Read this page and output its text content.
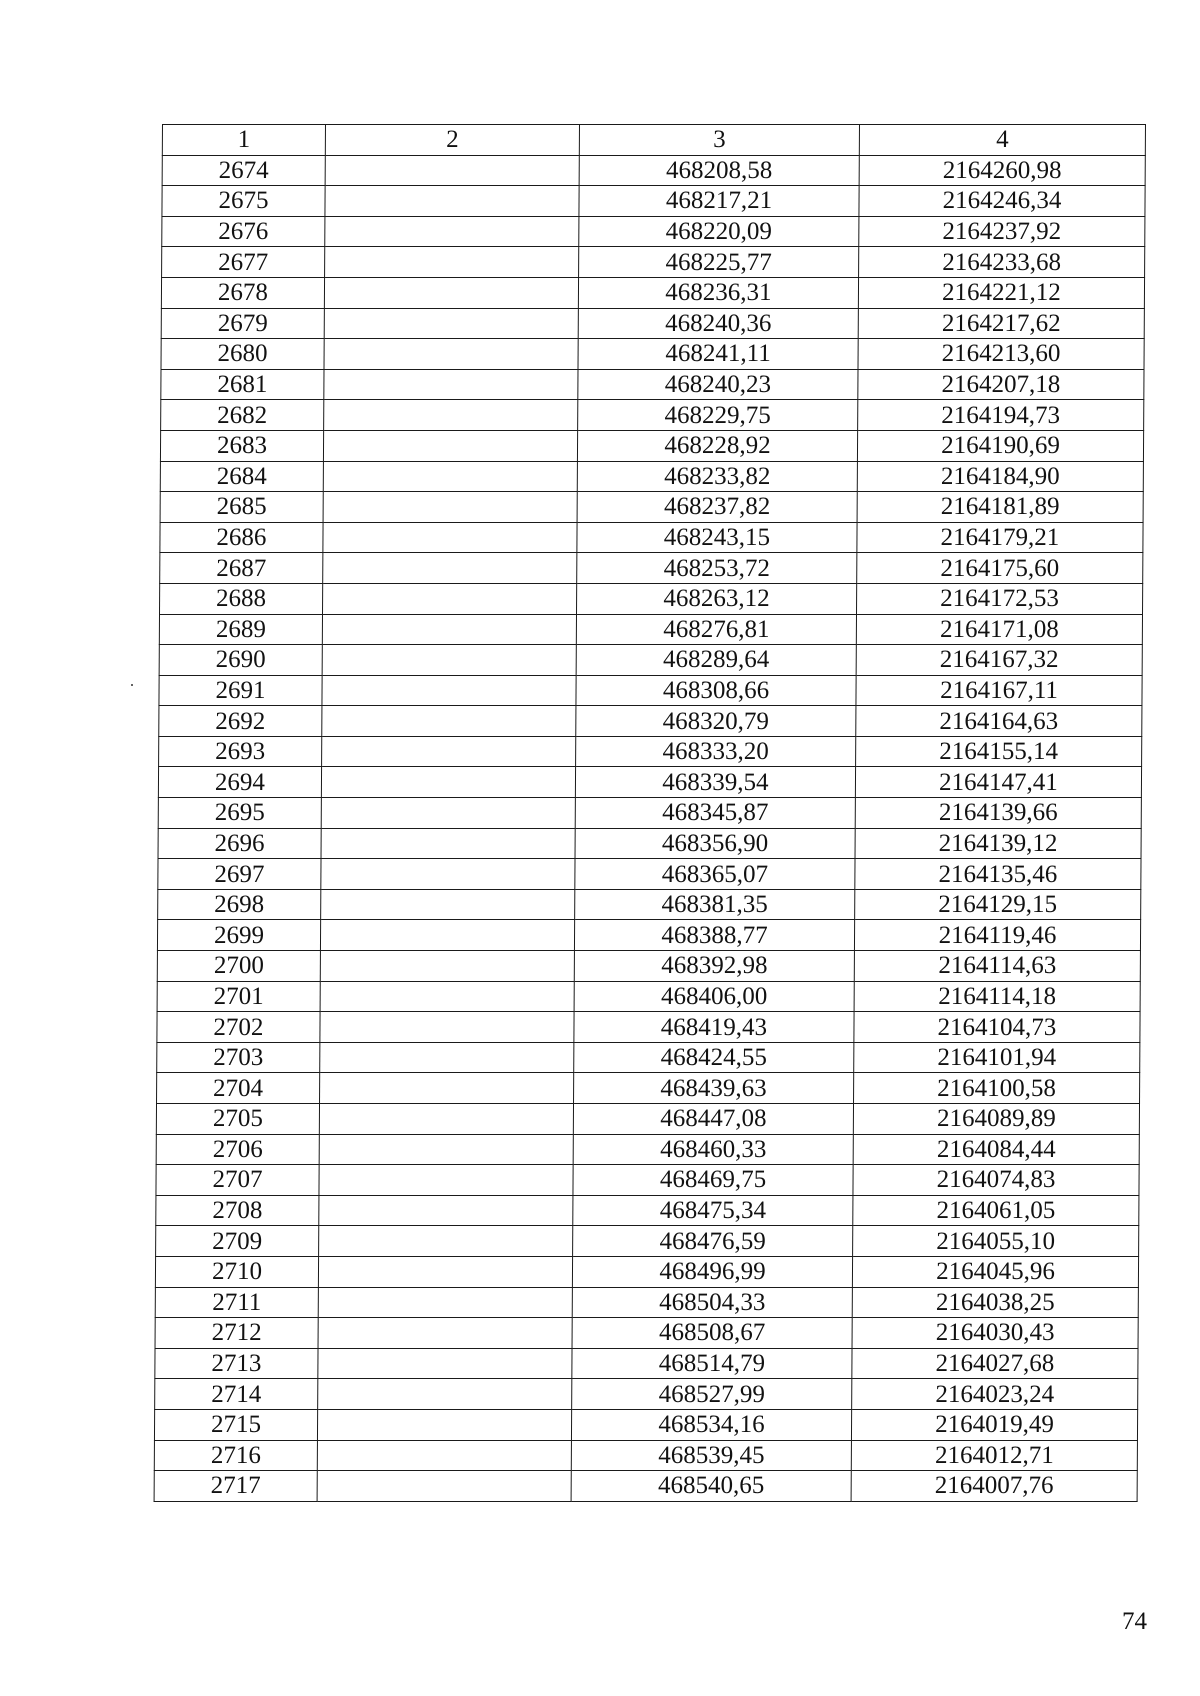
1	2	3	4
2674		468208,58	2164260,98
2675		468217,21	2164246,34
2676		468220,09	2164237,92
2677		468225,77	2164233,68
2678		468236,31	2164221,12
2679		468240,36	2164217,62
2680		468241,11	2164213,60
2681		468240,23	2164207,18
2682		468229,75	2164194,73
2683		468228,92	2164190,69
2684		468233,82	2164184,90
2685		468237,82	2164181,89
2686		468243,15	2164179,21
2687		468253,72	2164175,60
2688		468263,12	2164172,53
2689		468276,81	2164171,08
2690		468289,64	2164167,32
2691		468308,66	2164167,11
2692		468320,79	2164164,63
2693		468333,20	2164155,14
2694		468339,54	2164147,41
2695		468345,87	2164139,66
2696		468356,90	2164139,12
2697		468365,07	2164135,46
2698		468381,35	2164129,15
2699		468388,77	2164119,46
2700		468392,98	2164114,63
2701		468406,00	2164114,18
2702		468419,43	2164104,73
2703		468424,55	2164101,94
2704		468439,63	2164100,58
2705		468447,08	2164089,89
2706		468460,33	2164084,44
2707		468469,75	2164074,83
2708		468475,34	2164061,05
2709		468476,59	2164055,10
2710		468496,99	2164045,96
2711		468504,33	2164038,25
2712		468508,67	2164030,43
2713		468514,79	2164027,68
2714		468527,99	2164023,24
2715		468534,16	2164019,49
2716		468539,45	2164012,71
2717		468540,65	2164007,76
74
